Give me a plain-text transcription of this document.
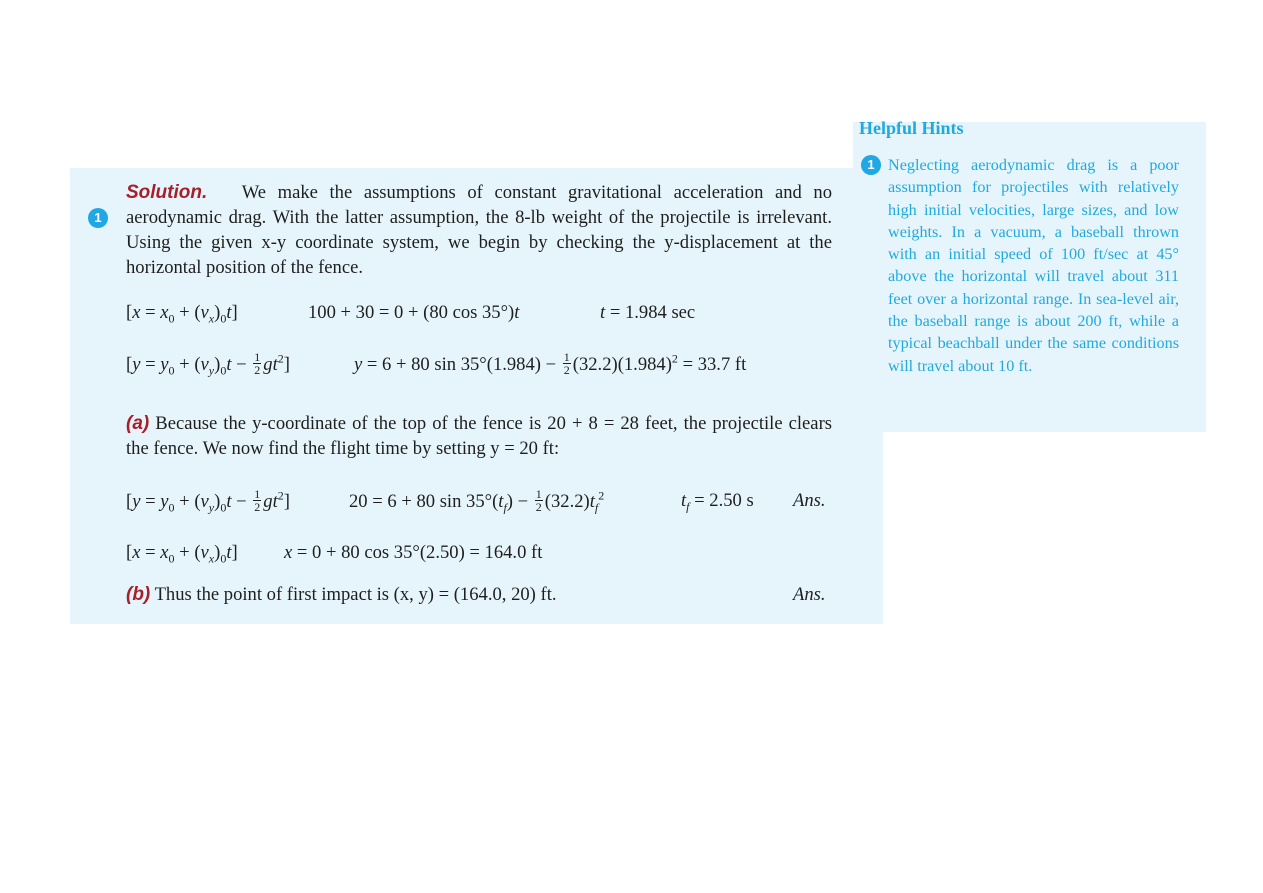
1
Solution. We make the assumptions of constant gravitational acceleration and no aerodynamic drag. With the latter assumption, the 8-lb weight of the projectile is irrelevant. Using the given x-y coordinate system, we begin by checking the y-displacement at the horizontal position of the fence.
$[x = x_0 + (v_x)_0t]$	100 + 30 = 0 + (80 cos 35°)t	t = 1.984 sec
$[y = y_0 + (v_y)_0t - \frac{1}{2} gt^2]$	y = 6 + 80 $\sin 35^\circ(1.984) - \frac{1}{2} (32.2)(1.984)^2 = 33.7$ ft
(a) Because the y-coordinate of the top of the fence is 20 + 8 = 28 feet, the projectile clears the fence. We now find the flight time by setting y = 20 ft:
$[y = y_0 + (v_y)_0t - \frac{1}{2} gt^2]$	20 = 6 + 80 $\sin 35^\circ(t_f) - \frac{1}{2} (32.2)t_f^2$	$t_f = 2.50$ s Ans.
$[x = x_0 + (v_x)_0t]$ x = 0 + 80 cos 35°(2.50) = 164.0 ft
(b) Thus the point of first impact is (x, y) = (164.0, 20) ft.	Ans.
Helpful Hints
1 Neglecting aerodynamic drag is a poor assumption for projectiles with relatively high initial velocities, large sizes, and low weights. In a vacuum, a baseball thrown with an initial speed of 100 ft/sec at 45° above the horizontal will travel about 311 feet over a horizontal range. In sea-level air, the baseball range is about 200 ft, while a typical beachball under the same conditions will travel about 10 ft.
